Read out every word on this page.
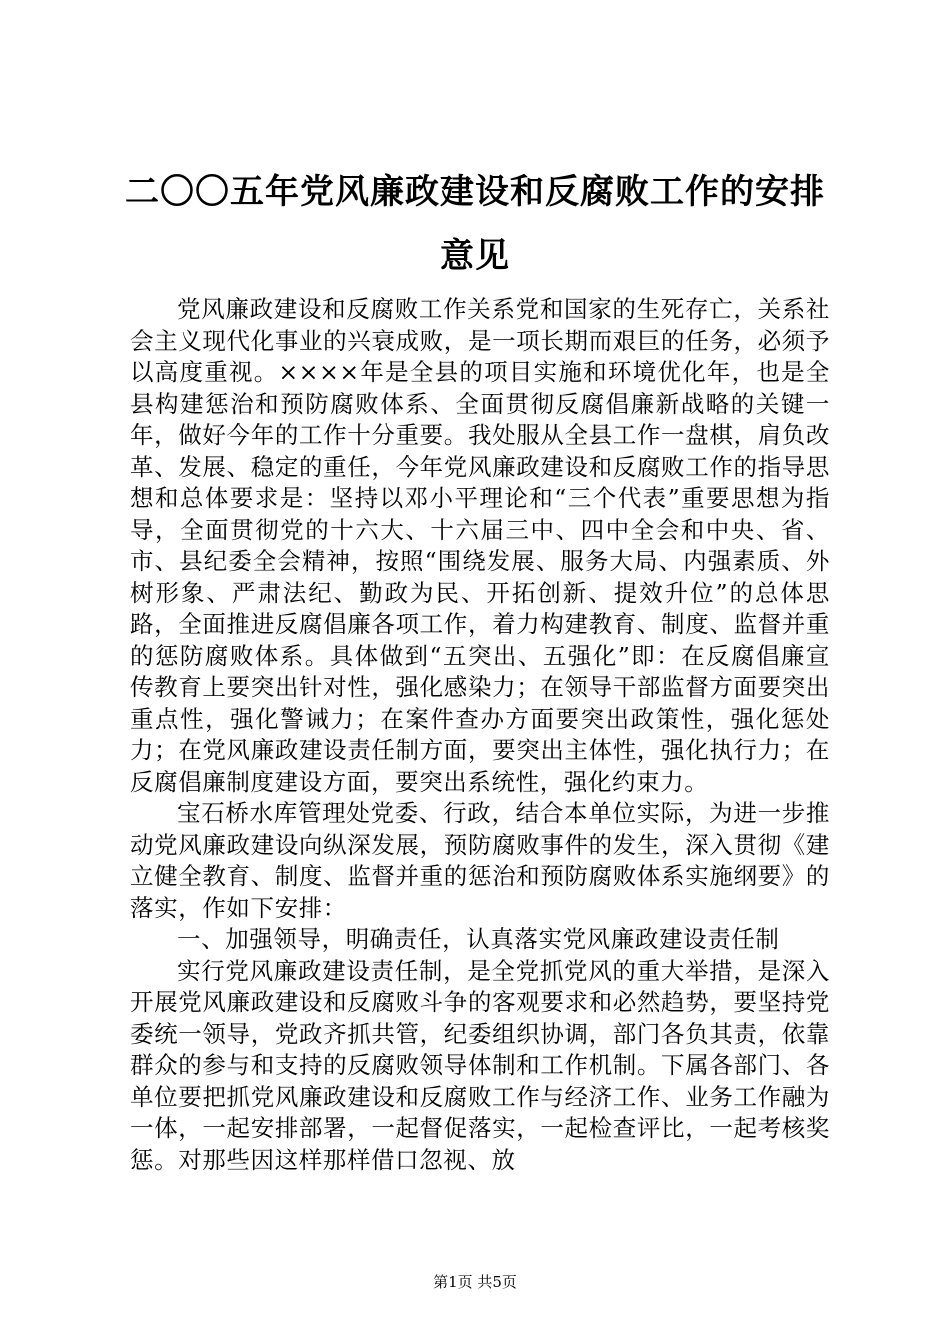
二〇〇五年党风廉政建设和反腐败工作的安排意见

党风廉政建设和反腐败工作关系党和国家的生死存亡，关系社会主义现代化事业的兴衰成败，是一项长期而艰巨的任务，必须予以高度重视。××××年是全县的项目实施和环境优化年，也是全县构建惩治和预防腐败体系、全面贯彻反腐倡廉新战略的关键一年，做好今年的工作十分重要。我处服从全县工作一盘棋，肩负改革、发展、稳定的重任，今年党风廉政建设和反腐败工作的指导思想和总体要求是：坚持以邓小平理论和“三个代表”重要思想为指导，全面贯彻党的十六大、十六届三中、四中全会和中央、省、市、县纪委全会精神，按照“围绕发展、服务大局、内强素质、外树形象、严肃法纪、勤政为民、开拓创新、提效升位”的总体思路，全面推进反腐倡廉各项工作，着力构建教育、制度、监督并重的惩防腐败体系。具体做到“五突出、五强化”即：在反腐倡廉宣传教育上要突出针对性，强化感染力；在领导干部监督方面要突出重点性，强化警诫力；在案件查办方面要突出政策性，强化惩处力；在党风廉政建设责任制方面，要突出主体性，强化执行力；在反腐倡廉制度建设方面，要突出系统性，强化约束力。

宝石桥水库管理处党委、行政，结合本单位实际，为进一步推动党风廉政建设向纵深发展，预防腐败事件的发生，深入贯彻《建立健全教育、制度、监督并重的惩治和预防腐败体系实施纲要》的落实，作如下安排：

一、加强领导，明确责任，认真落实党风廉政建设责任制

实行党风廉政建设责任制，是全党抓党风的重大举措，是深入开展党风廉政建设和反腐败斗争的客观要求和必然趋势，要坚持党委统一领导，党政齐抓共管，纪委组织协调，部门各负其责，依靠群众的参与和支持的反腐败领导体制和工作机制。下属各部门、各单位要把抓党风廉政建设和反腐败工作与经济工作、业务工作融为一体，一起安排部署，一起督促落实，一起检查评比，一起考核奖惩。对那些因这样那样借口忽视、放

第1页 共5页
